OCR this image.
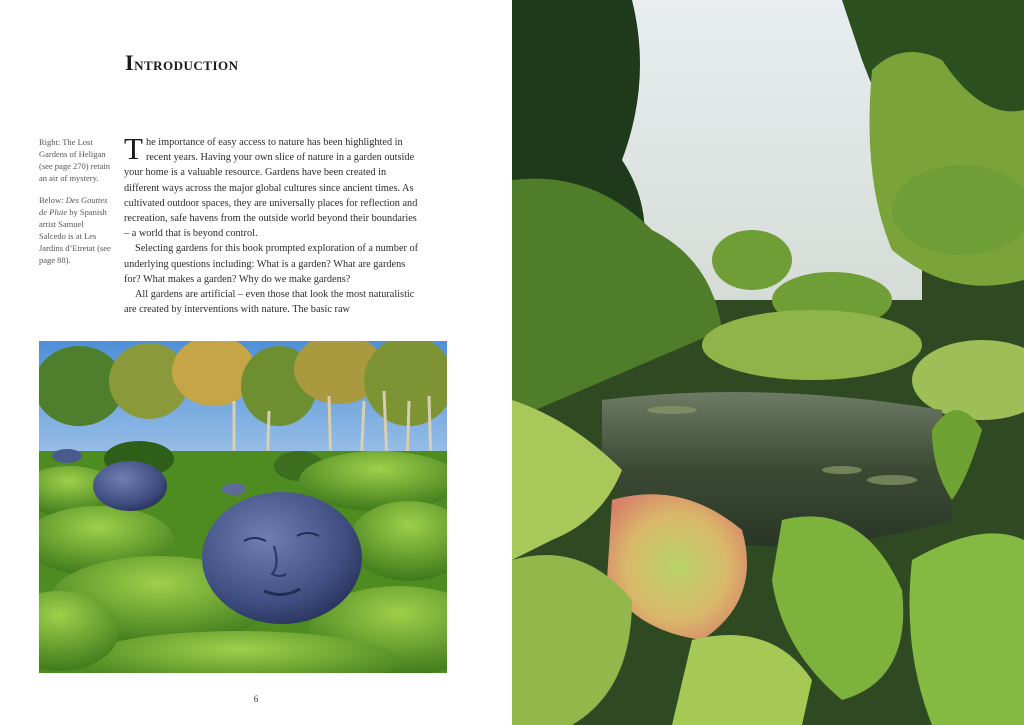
Introduction

Right: The Lost Gardens of Heligan (see page 270) retain an air of mystery.

Below: Des Gouttes de Pluie by Spanish artist Samuel Salcedo is at Les Jardins d’Etretat (see page 88).

The importance of easy access to nature has been highlighted in recent years. Having your own slice of nature in a garden outside your home is a valuable resource. Gardens have been created in different ways across the major global cultures since ancient times. As cultivated outdoor spaces, they are universally places for reflection and recreation, safe havens from the outside world beyond their boundaries – a world that is beyond control.

Selecting gardens for this book prompted exploration of a number of underlying questions including: What is a garden? What are gardens for? What makes a garden? Why do we make gardens?

All gardens are artificial – even those that look the most naturalistic are created by interventions with nature. The basic raw

6
